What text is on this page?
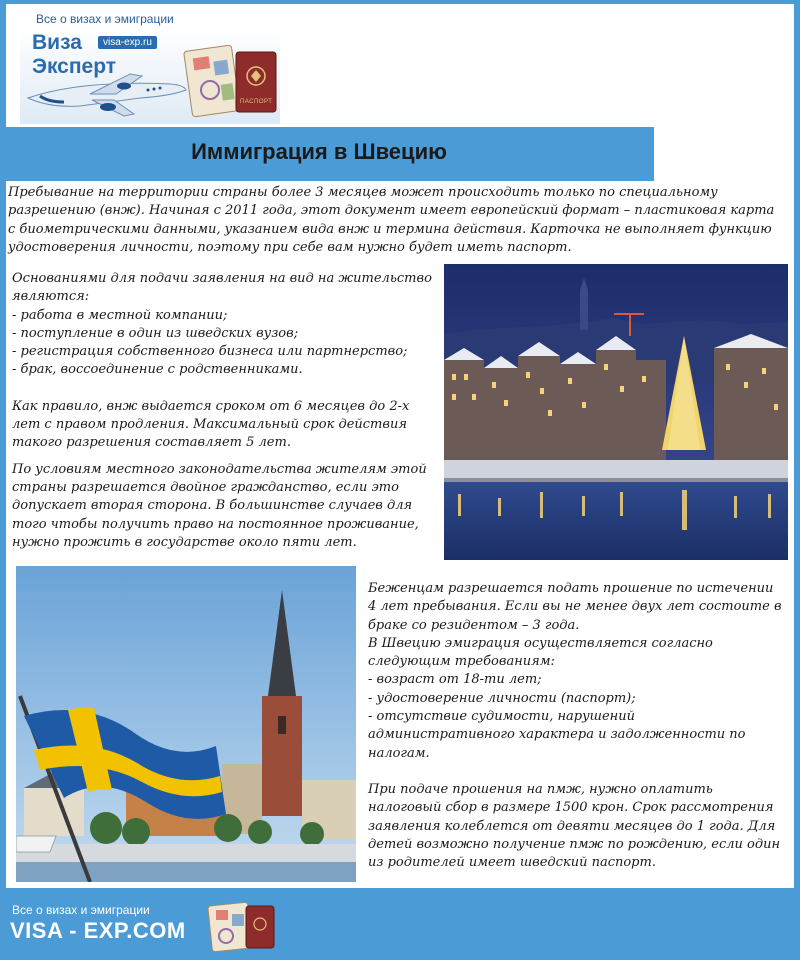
Все о визах и эмиграции
Виза
Эксперт
visa-exp.ru
ПАСПОРТ
Иммиграция в Швецию

Пребывание на территории страны более 3 месяцев может происходить только по специальному разрешению (внж). Начиная с 2011 года, этот документ имеет европейский формат – пластиковая карта с биометрическими данными, указанием вида внж и термина действия. Карточка не выполняет функцию удостоверения личности, поэтому при себе вам нужно будет иметь паспорт.

Основаниями для подачи заявления на вид на жительство являются:

- работа в местной компании;

- поступление в один из шведских вузов;

- регистрация собственного бизнеса или партнерство;

- брак, воссоединение с родственниками.

Как правило, внж выдается сроком от 6 месяцев до 2-х лет с правом продления. Максимальный срок действия такого разрешения составляет 5 лет.

По условиям местного законодательства жителям этой страны разрешается двойное гражданство, если это допускает вторая сторона. В большинстве случаев для того чтобы получить право на постоянное проживание, нужно прожить в государстве около пяти лет.

Беженцам разрешается подать прошение по истечении 4 лет пребывания. Если вы не менее двух лет состоите в браке со резидентом – 3 года.

В Швецию эмиграция осуществляется согласно следующим требованиям:

- возраст от 18-ти лет;

- удостоверение личности (паспорт);

- отсутствие судимости, нарушений административного характера и задолженности по налогам.

При подаче прошения на пмж, нужно оплатить налоговый сбор в размере 1500 крон. Срок рассмотрения заявления колеблется от девяти месяцев до 1 года. Для детей возможно получение пмж по рождению, если один из родителей имеет шведский паспорт.

Все о визах и эмиграции
VISA - EXP.COM
